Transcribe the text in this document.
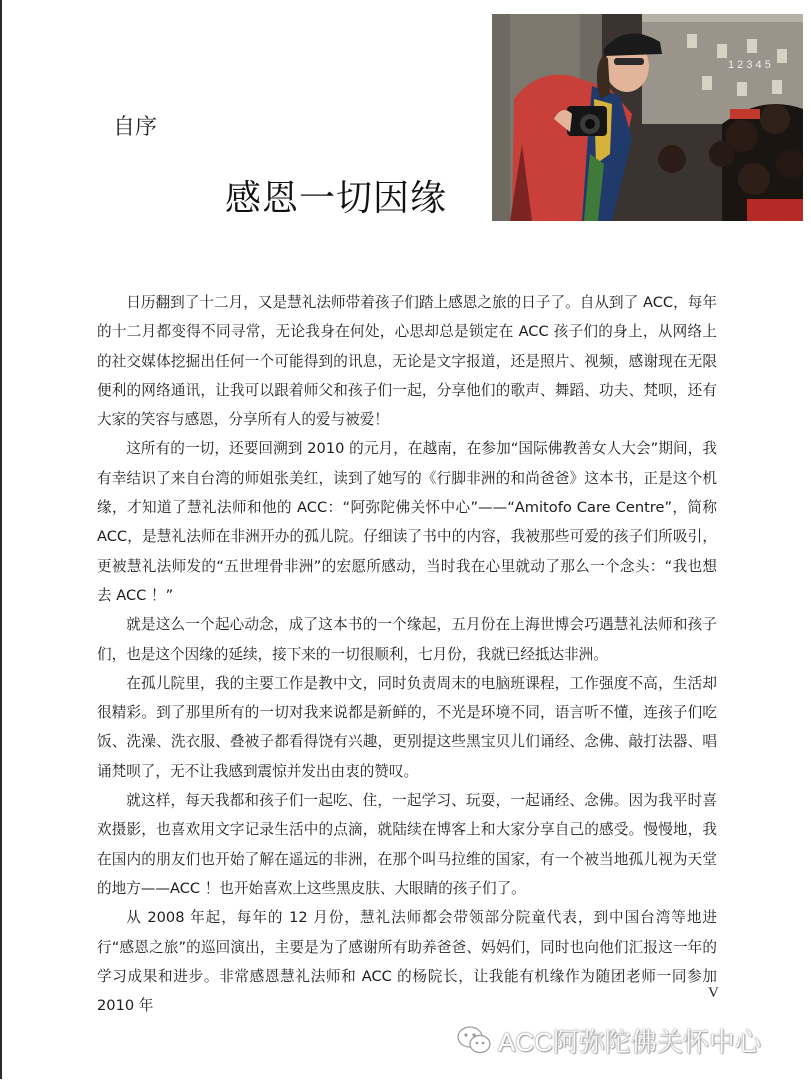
自序
感恩一切因缘
1 2 3 4 5

日历翻到了十二月，又是慧礼法师带着孩子们踏上感恩之旅的日子了。自从到了 ACC，每年的十二月都变得不同寻常，无论我身在何处，心思却总是锁定在 ACC 孩子们的身上，从网络上的社交媒体挖掘出任何一个可能得到的讯息，无论是文字报道，还是照片、视频，感谢现在无限便利的网络通讯，让我可以跟着师父和孩子们一起，分享他们的歌声、舞蹈、功夫、梵呗，还有大家的笑容与感恩，分享所有人的爱与被爱！

这所有的一切，还要回溯到 2010 的元月，在越南，在参加“国际佛教善女人大会”期间，我有幸结识了来自台湾的师姐张美红，读到了她写的《行脚非洲的和尚爸爸》这本书，正是这个机缘，才知道了慧礼法师和他的 ACC：“阿弥陀佛关怀中心”——“Amitofo Care Centre”，简称 ACC，是慧礼法师在非洲开办的孤儿院。仔细读了书中的内容，我被那些可爱的孩子们所吸引，更被慧礼法师发的“五世埋骨非洲”的宏愿所感动，当时我在心里就动了那么一个念头：“我也想去 ACC ！”

就是这么一个起心动念，成了这本书的一个缘起，五月份在上海世博会巧遇慧礼法师和孩子们，也是这个因缘的延续，接下来的一切很顺利，七月份，我就已经抵达非洲。

在孤儿院里，我的主要工作是教中文，同时负责周末的电脑班课程，工作强度不高，生活却很精彩。到了那里所有的一切对我来说都是新鲜的，不光是环境不同，语言听不懂，连孩子们吃饭、洗澡、洗衣服、叠被子都看得饶有兴趣，更别提这些黑宝贝儿们诵经、念佛、敲打法器、唱诵梵呗了，无不让我感到震惊并发出由衷的赞叹。

就这样，每天我都和孩子们一起吃、住，一起学习、玩耍，一起诵经、念佛。因为我平时喜欢摄影，也喜欢用文字记录生活中的点滴，就陆续在博客上和大家分享自己的感受。慢慢地，我在国内的朋友们也开始了解在遥远的非洲，在那个叫马拉维的国家，有一个被当地孤儿视为天堂的地方——ACC ！也开始喜欢上这些黑皮肤、大眼睛的孩子们了。

从 2008 年起，每年的 12 月份，慧礼法师都会带领部分院童代表，到中国台湾等地进行“感恩之旅”的巡回演出，主要是为了感谢所有助养爸爸、妈妈们，同时也向他们汇报这一年的学习成果和进步。非常感恩慧礼法师和 ACC 的杨院长，让我能有机缘作为随团老师一同参加 2010 年

V
ACC阿弥陀佛关怀中心
